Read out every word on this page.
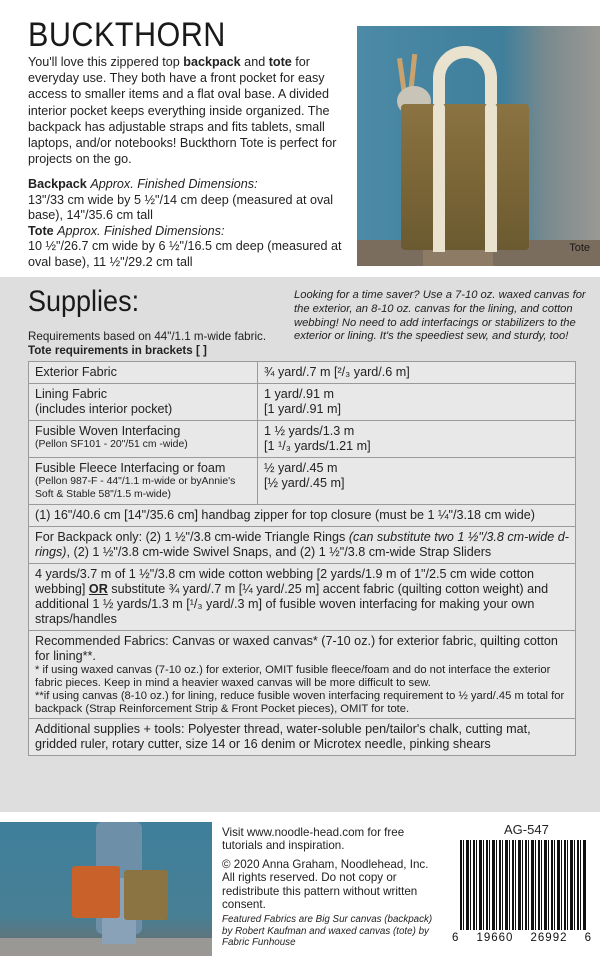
BUCKTHORN
You'll love this zippered top backpack and tote for everyday use. They both have a front pocket for easy access to smaller items and a flat oval base. A divided interior pocket keeps everything inside organized. The backpack has adjustable straps and fits tablets, small laptops, and/or notebooks! Buckthorn Tote is perfect for projects on the go.
Backpack Approx. Finished Dimensions:
13"/33 cm wide by 5 ½"/14 cm deep (measured at oval base), 14"/35.6 cm tall
Tote Approx. Finished Dimensions:
10 ½"/26.7 cm wide by 6 ½"/16.5 cm deep (measured at oval base), 11 ½"/29.2 cm tall
Tote
Supplies:	Looking for a time saver? Use a 7-10 oz. waxed canvas for the exterior, an 8-10 oz. canvas for the lining, and cotton webbing! No need to add interfacings or stabilizers to the exterior or lining. It's the speediest sew, and sturdy, too!
Requirements based on 44"/1.1 m-wide fabric.
Tote requirements in brackets [ ]
Exterior Fabric	¾ yard/.7 m [²/₃ yard/.6 m]
Lining Fabric
(includes interior pocket)
1 yard/.91 m
[1 yard/.91 m]
Fusible Woven Interfacing
(Pellon SF101 - 20"/51 cm -wide)
1 ½ yards/1.3 m
[1 ¹/₃ yards/1.21 m]
Fusible Fleece Interfacing or foam
(Pellon 987-F - 44"/1.1 m-wide or byAnnie's Soft & Stable 58"/1.5 m-wide)
½ yard/.45 m
[½ yard/.45 m]
(1) 16"/40.6 cm [14"/35.6 cm] handbag zipper for top closure (must be 1 ¼"/3.18 cm wide)
For Backpack only: (2) 1 ½"/3.8 cm-wide Triangle Rings (can substitute two 1 ½"/3.8 cm-wide d-rings), (2) 1 ½"/3.8 cm-wide Swivel Snaps, and (2) 1 ½"/3.8 cm-wide Strap Sliders
4 yards/3.7 m of 1 ½"/3.8 cm wide cotton webbing [2 yards/1.9 m of 1"/2.5 cm wide cotton webbing] OR substitute ¾ yard/.7 m [¼ yard/.25 m] accent fabric (quilting cotton weight) and additional 1 ½ yards/1.3 m [¹/₃ yard/.3 m] of fusible woven interfacing for making your own straps/handles
Recommended Fabrics: Canvas or waxed canvas* (7-10 oz.) for exterior fabric, quilting cotton for lining**.
* if using waxed canvas (7-10 oz.) for exterior, OMIT fusible fleece/foam and do not interface the exterior fabric pieces. Keep in mind a heavier waxed canvas will be more difficult to sew.
**if using canvas (8-10 oz.) for lining, reduce fusible woven interfacing requirement to ½ yard/.45 m total for backpack (Strap Reinforcement Strip & Front Pocket pieces), OMIT for tote.
Additional supplies + tools: Polyester thread, water-soluble pen/tailor's chalk, cutting mat, gridded ruler, rotary cutter, size 14 or 16 denim or Microtex needle, pinking shears
Visit www.noodle-head.com for free tutorials and inspiration.
© 2020 Anna Graham, Noodlehead, Inc. All rights reserved. Do not copy or redistribute this pattern without written consent.
Featured Fabrics are Big Sur canvas (backpack) by Robert Kaufman and waxed canvas (tote) by Fabric Funhouse
AG-547
6 19660 26992 6
